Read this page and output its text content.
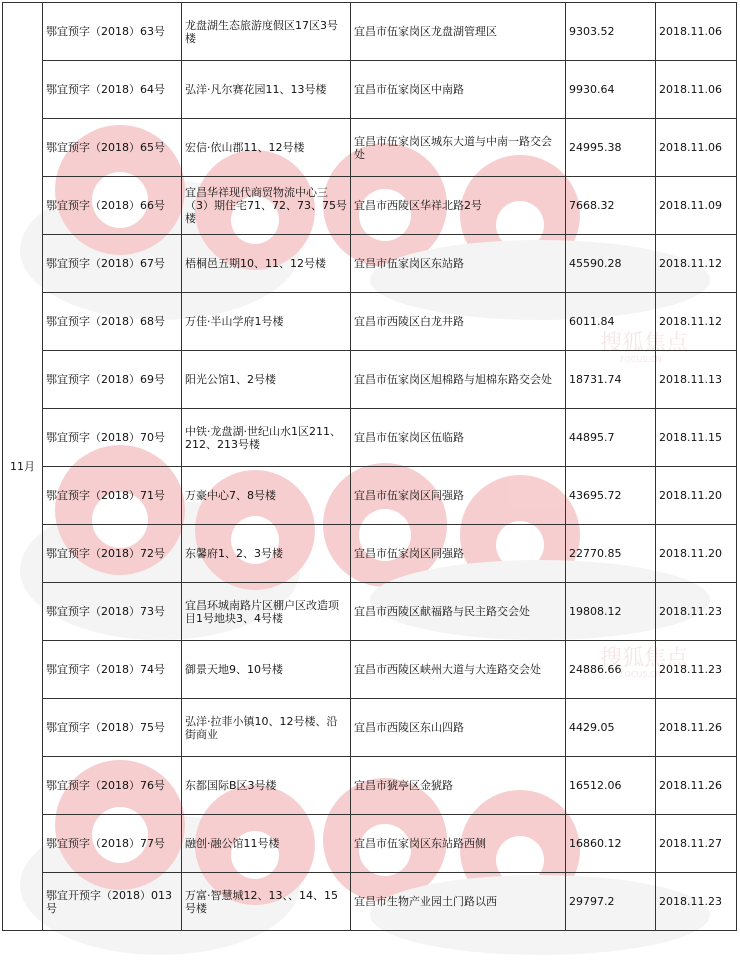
搜狐焦点
FOCUS.CN
搜狐焦点
FOCUS.CN
11月	鄂宜预字（2018）63号	龙盘湖生态旅游度假区17区3号楼	宜昌市伍家岗区龙盘湖管理区	9303.52	2018.11.06
	鄂宜预字（2018）64号	弘洋·凡尔赛花园11、13号楼	宜昌市伍家岗区中南路	9930.64	2018.11.06
	鄂宜预字（2018）65号	宏信·依山郡11、12号楼	宜昌市伍家岗区城东大道与中南一路交会处	24995.38	2018.11.06
	鄂宜预字（2018）66号	宜昌华祥现代商贸物流中心三（3）期住宅71、72、73、75号楼	宜昌市西陵区华祥北路2号	7668.32	2018.11.09
	鄂宜预字（2018）67号	梧桐邑五期10、11、12号楼	宜昌市伍家岗区东站路	45590.28	2018.11.12
	鄂宜预字（2018）68号	万佳·半山学府1号楼	宜昌市西陵区白龙井路	6011.84	2018.11.12
	鄂宜预字（2018）69号	阳光公馆1、2号楼	宜昌市伍家岗区旭棉路与旭棉东路交会处	18731.74	2018.11.13
	鄂宜预字（2018）70号	中铁·龙盘湖·世纪山水1区211、212、213号楼	宜昌市伍家岗区伍临路	44895.7	2018.11.15
	鄂宜预字（2018）71号	万豪中心7、8号楼	宜昌市伍家岗区同强路	43695.72	2018.11.20
	鄂宜预字（2018）72号	东馨府1、2、3号楼	宜昌市伍家岗区同强路	22770.85	2018.11.20
	鄂宜预字（2018）73号	宜昌环城南路片区棚户区改造项目1号地块3、4号楼	宜昌市西陵区献福路与民主路交会处	19808.12	2018.11.23
	鄂宜预字（2018）74号	御景天地9、10号楼	宜昌市西陵区峡州大道与大连路交会处	24886.66	2018.11.23
	鄂宜预字（2018）75号	弘洋·拉菲小镇10、12号楼、沿街商业	宜昌市西陵区东山四路	4429.05	2018.11.26
	鄂宜预字（2018）76号	东都国际B区3号楼	宜昌市猇亭区金猇路	16512.06	2018.11.26
	鄂宜预字（2018）77号	融创·融公馆11号楼	宜昌市伍家岗区东站路西侧	16860.12	2018.11.27
	鄂宜开预字（2018）013号	万富·智慧城12、13、、14、15号楼	宜昌市生物产业园土门路以西	29797.2	2018.11.23
